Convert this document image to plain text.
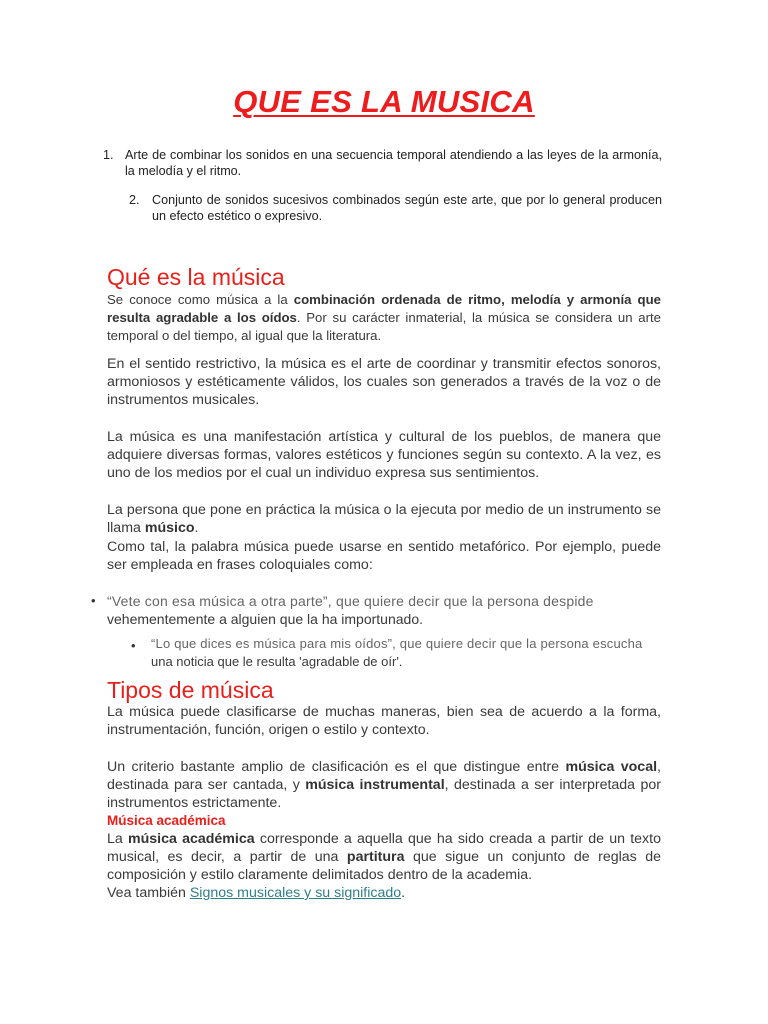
QUE ES LA MUSICA
1. Arte de combinar los sonidos en una secuencia temporal atendiendo a las leyes de la armonía, la melodía y el ritmo.
2. Conjunto de sonidos sucesivos combinados según este arte, que por lo general producen un efecto estético o expresivo.
Qué es la música

Se conoce como música a la combinación ordenada de ritmo, melodía y armonía que resulta agradable a los oídos. Por su carácter inmaterial, la música se considera un arte temporal o del tiempo, al igual que la literatura.

En el sentido restrictivo, la música es el arte de coordinar y transmitir efectos sonoros, armoniosos y estéticamente válidos, los cuales son generados a través de la voz o de instrumentos musicales.

La música es una manifestación artística y cultural de los pueblos, de manera que adquiere diversas formas, valores estéticos y funciones según su contexto. A la vez, es uno de los medios por el cual un individuo expresa sus sentimientos.

La persona que pone en práctica la música o la ejecuta por medio de un instrumento se llama músico.

Como tal, la palabra música puede usarse en sentido metafórico. Por ejemplo, puede ser empleada en frases coloquiales como:

• “Vete con esa música a otra parte”, que quiere decir que la persona despide
vehementemente a alguien que la ha importunado.
• “Lo que dices es música para mis oídos”, que quiere decir que la persona escucha
una noticia que le resulta 'agradable de oír'.
Tipos de música

La música puede clasificarse de muchas maneras, bien sea de acuerdo a la forma, instrumentación, función, origen o estilo y contexto.

Un criterio bastante amplio de clasificación es el que distingue entre música vocal, destinada para ser cantada, y música instrumental, destinada a ser interpretada por instrumentos estrictamente.

Música académica

La música académica corresponde a aquella que ha sido creada a partir de un texto musical, es decir, a partir de una partitura que sigue un conjunto de reglas de composición y estilo claramente delimitados dentro de la academia.

Vea también Signos musicales y su significado.
